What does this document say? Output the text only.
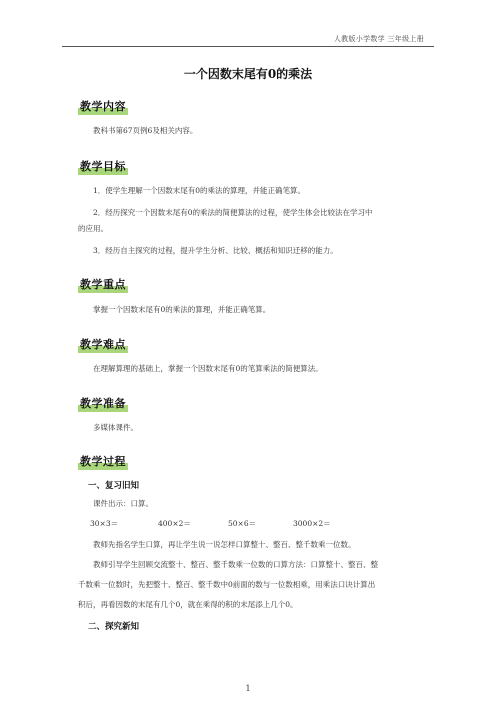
人教版小学数学 三年级上册
一个因数末尾有0的乘法
教学内容
教科书第67页例6及相关内容。
教学目标
1．使学生理解一个因数末尾有0的乘法的算理，并能正确笔算。
2．经历探究一个因数末尾有0的乘法的简便算法的过程，使学生体会比较法在学习中
的应用。
3．经历自主探究的过程，提升学生分析、比较、概括和知识迁移的能力。
教学重点
掌握一个因数末尾有0的乘法的算理，并能正确笔算。
教学难点
在理解算理的基础上，掌握一个因数末尾有0的笔算乘法的简便算法。
教学准备
多媒体课件。
教学过程
一、复习旧知
课件出示：口算。
30×3＝	400×2＝	50×6＝	3000×2＝
教师先指名学生口算，再让学生说一说怎样口算整十、整百、整千数乘一位数。
教师引导学生回顾交流整十、整百、整千数乘一位数的口算方法：口算整十、整百、整
千数乘一位数时，先把整十、整百、整千数中0前面的数与一位数相乘，用乘法口诀计算出
积后，再看因数的末尾有几个0，就在乘得的积的末尾添上几个0。
二、探究新知
1
